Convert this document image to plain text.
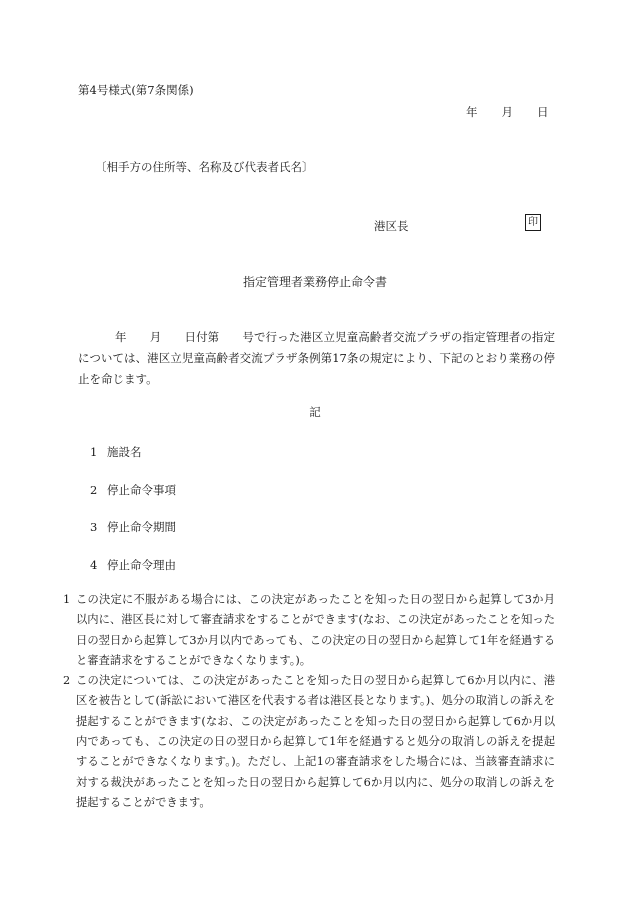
第4号様式(第7条関係)
年 月 日
〔相手方の住所等、名称及び代表者氏名〕
港区長	印
指定管理者業務停止命令書
年　　月　　日付第　　号で行った港区立児童高齢者交流プラザの指定管理者の指定については、港区立児童高齢者交流プラザ条例第17条の規定により、下記のとおり業務の停止を命じます。
記
1 施設名
2 停止命令事項
3 停止命令期間
4 停止命令理由
1 この決定に不服がある場合には、この決定があったことを知った日の翌日から起算して3か月以内に、港区長に対して審査請求をすることができます(なお、この決定があったことを知った日の翌日から起算して3か月以内であっても、この決定の日の翌日から起算して1年を経過すると審査請求をすることができなくなります。)。
2 この決定については、この決定があったことを知った日の翌日から起算して6か月以内に、港区を被告として(訴訟において港区を代表する者は港区長となります。)、処分の取消しの訴えを提起することができます(なお、この決定があったことを知った日の翌日から起算して6か月以内であっても、この決定の日の翌日から起算して1年を経過すると処分の取消しの訴えを提起することができなくなります。)。ただし、上記1の審査請求をした場合には、当該審査請求に対する裁決があったことを知った日の翌日から起算して6か月以内に、処分の取消しの訴えを提起することができます。
